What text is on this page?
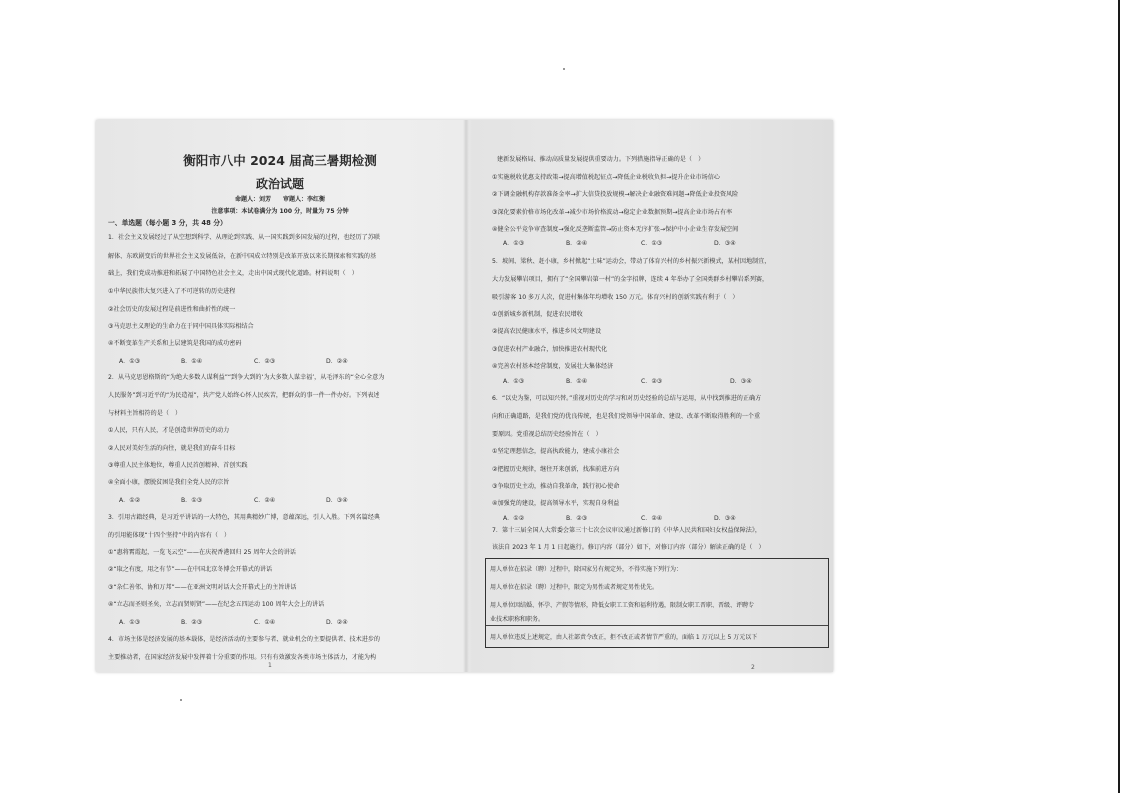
衡阳市八中 2024 届高三暑期检测
政治试题
命题人：刘芳　　审题人：李红衡
注意事项：本试卷满分为 100 分，时量为 75 分钟
一、单选题（每小题 3 分，共 48 分）
1．社会主义发展经过了从空想到科学、从理论到实践、从一国实践到多国发展的过程，也经历了苏联
解体、东欧剧变后的世界社会主义发展低谷，在新中国成立特别是改革开放以来长期探索和实践的基
础上，我们党成功推进和拓展了中国特色社会主义，走出中国式现代化道路。材料说明（　）
①中华民族伟大复兴进入了不可逆转的历史进程
②社会历史的发展过程是前进性和曲折性的统一
③马克思主义理论的生命力在于同中国具体实际相结合
④不断变革生产关系和上层建筑是我国的成功密码
A．①③	B．①④	C．②③	D．②④
2．从马克思恩格斯的“为绝大多数人谋利益”“到争大到的‘为大多数人谋幸福’，从毛泽东的“全心全意为
人民服务”到习近平的“为民造福”，共产党人始终心怀人民疾苦，把群众的事一件一件办好。下列表述
与材料主旨相符的是（　）
①人民，只有人民，才是创造世界历史的动力
②人民对美好生活的向往，就是我们的奋斗目标
③尊重人民主体地位，尊重人民首创精神、首创实践
④全面小康，摆脱贫困是我们全党人民的宗旨
A．①②	B．①③	C．②④	D．③④
3．引用古籍经典，是习近平讲话的一大特色，其用典精妙广博，意蕴深远，引人入胜。下列名篇经典
的引用能体现“十四个坚持”中的内容有（　）
①“惠将霄霞起，一览飞云空”——在庆祝香港回归 25 周年大会的讲话
②“取之有度，用之有节”——在中国北京冬博会开幕式的讲话
③“杂仁善邻、协和万邦”——在亚洲文明对话大会开幕式上的主旨讲话
④“立志而圣则圣矣，立志而贤则贤”——在纪念五四运动 100 周年大会上的讲话
A．①③	B．②③	C．①④	D．②④
4．市场主体是经济发展的基本载体，是经济活动的主要参与者、就业机会的主要提供者、技术进步的
主要推动者，在国家经济发展中发挥着十分重要的作用。只有有效激发各类市场主体活力，才能为构
1
建新发展格局、推动高质量发展提供重要动力。下列措施指导正确的是（　）
①实施税收优惠支持政策→提高增值税起征点→降低企业税收负担→提升企业市场信心
②下调金融机构存款准备金率→扩大信贷投放规模→解决企业融资难问题→降低企业投资风险
③深化要素价格市场化改革→减少市场价格波动→稳定企业数据预期→提高企业市场占有率
④健全公平竞争审查制度→强化反垄断监管→防止资本无序扩张→保护中小企业生存发展空间
A．①③	B．②④	C．①③	D．③④
5．坡间、梁秋、赶小康，乡村掀起“土味”运动会，带动了体育兴村的乡村振兴新模式，某村因地制宜，
大力发展攀岩项目，拥有了“全国攀岩第一村”的金字招牌，连续 4 年举办了全国类群乡村攀岩系列赛，
吸引游客 10 多万人次，促进村集体年均增收 150 万元。体育兴村的创新实践有利于（　）
①创新城乡新机制，促进农民增收
②提高农民健康水平，推进乡风文明建设
③促进农村产业融合，加快推进农村现代化
④完善农村基本经营制度，发展壮大集体经济
A．①③	B．①④	C．②③	D．③④
6．“以史为鉴，可以知兴替。”重视对历史的学习和对历史经验的总结与运用，从中找到推进的正确方
向和正确道路，是我们党的优良传统，也是我们党领导中国革命、建设、改革不断取得胜利的一个重
要原因。党重视总结历史经验旨在（　）
①坚定理想信念，提高执政能力，建成小康社会
②把握历史规律，继往开来创新，找准前进方向
③争取历史主动，推动自我革命，践行初心使命
④加强党的建设，提高领导水平，实现自身利益
A．①②	B．②③	C．②④	D．③④
7．第十三届全国人大常委会第三十七次会议审议通过新修订的《中华人民共和国妇女权益保障法》，
该法自 2023 年 1 月 1 日起施行。修订内容（部分）如下，对修订内容（部分）解读正确的是（　）
用人单位在招录（聘）过程中，除国家另有规定外，不得实施下列行为：
用人单位在招录（聘）过程中，限定为男性或者规定男性优先。
用人单位因结婚、怀孕、产假等情形，降低女职工工资和福利待遇，限制女职工晋职、晋级、评聘专
业技术职称和职务。
用人单位违反上述规定，由人社部责令改正，拒不改正或者情节严重的，面临 1 万元以上 5 万元以下
2
